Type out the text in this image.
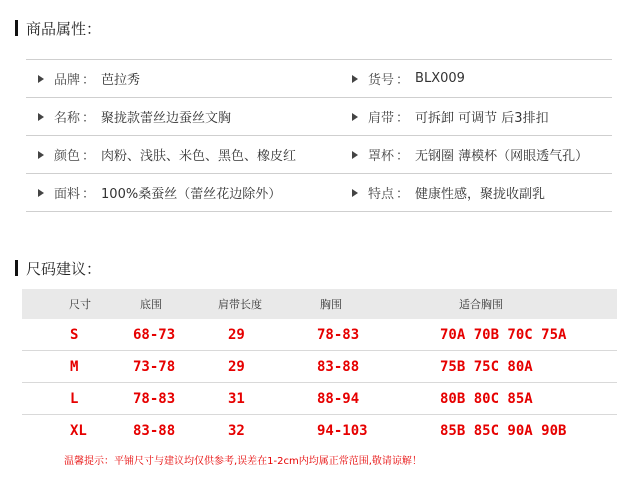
商品属性：
品牌 ： 芭拉秀	货号 ： BLX009
名称 ： 聚拢款蕾丝边蚕丝文胸	肩带 ： 可拆卸 可调节 后3排扣
颜色 ： 肉粉、浅肤、米色、黑色、橡皮红	罩杯 ： 无钢圈 薄模杯（网眼透气孔）
面料 ： 100%桑蚕丝（蕾丝花边除外）	特点 ： 健康性感，聚拢收副乳
尺码建议：
尺寸	底围	肩带长度	胸围	适合胸围
S	68-73	29	78-83	70A 70B 70C 75A
M	73-78	29	83-88	75B 75C 80A
L	78-83	31	88-94	80B 80C 85A
XL	83-88	32	94-103	85B 85C 90A 90B
温馨提示：平铺尺寸与建议均仅供参考,误差在1-2cm内均属正常范围,敬请谅解！
